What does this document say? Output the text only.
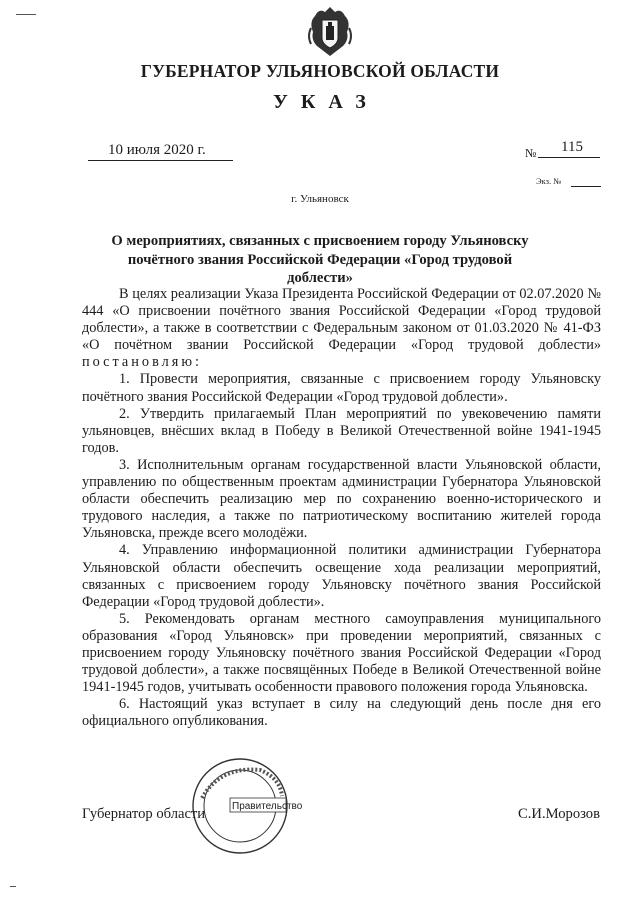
ГУБЕРНАТОР УЛЬЯНОВСКОЙ ОБЛАСТИ
УКАЗ
10 июля 2020 г.	№ 115
Экз. №
г. Ульяновск
О мероприятиях, связанных с присвоением городу Ульяновску почётного звания Российской Федерации «Город трудовой доблести»

В целях реализации Указа Президента Российской Федерации от 02.07.2020 № 444 «О присвоении почётного звания Российской Федерации «Город трудовой доблести», а также в соответствии с Федеральным законом от 01.03.2020 № 41-ФЗ «О почётном звании Российской Федерации «Город трудовой доблести» постановляю:

1. Провести мероприятия, связанные с присвоением городу Ульяновску почётного звания Российской Федерации «Город трудовой доблести».

2. Утвердить прилагаемый План мероприятий по увековечению памяти ульяновцев, внёсших вклад в Победу в Великой Отечественной войне 1941-1945 годов.

3. Исполнительным органам государственной власти Ульяновской области, управлению по общественным проектам администрации Губернатора Ульяновской области обеспечить реализацию мер по сохранению военно-исторического и трудового наследия, а также по патриотическому воспитанию жителей города Ульяновска, прежде всего молодёжи.

4. Управлению информационной политики администрации Губернатора Ульяновской области обеспечить освещение хода реализации мероприятий, связанных с присвоением городу Ульяновску почётного звания Российской Федерации «Город трудовой доблести».

5. Рекомендовать органам местного самоуправления муниципального образования «Город Ульяновск» при проведении мероприятий, связанных с присвоением городу Ульяновску почётного звания Российской Федерации «Город трудовой доблести», а также посвящённых Победе в Великой Отечественной войне 1941-1945 годов, учитывать особенности правового положения города Ульяновска.

6. Настоящий указ вступает в силу на следующий день после дня его официального опубликования.

Правительство
Губернатор области	С.И.Морозов
